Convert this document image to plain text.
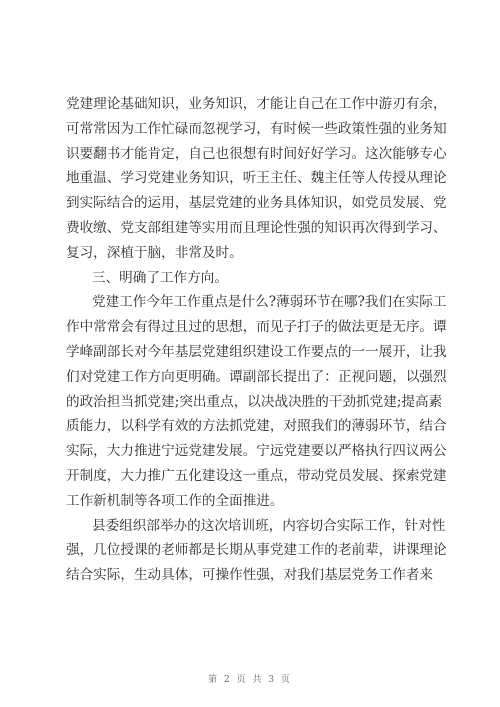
党建理论基础知识，业务知识，才能让自己在工作中游刃有余，
可常常因为工作忙碌而忽视学习，有时候一些政策性强的业务知
识要翻书才能肯定，自己也很想有时间好好学习。这次能够专心
地重温、学习党建业务知识，听王主任、魏主任等人传授从理论
到实际结合的运用，基层党建的业务具体知识，如党员发展、党
费收缴、党支部组建等实用而且理论性强的知识再次得到学习、
复习，深植于脑，非常及时。
三、明确了工作方向。
党建工作今年工作重点是什么?薄弱环节在哪?我们在实际工
作中常常会有得过且过的思想，而见子打子的做法更是无序。谭
学峰副部长对今年基层党建组织建设工作要点的一一展开，让我
们对党建工作方向更明确。谭副部长提出了：正视问题，以强烈
的政治担当抓党建;突出重点，以决战决胜的干劲抓党建;提高素
质能力，以科学有效的方法抓党建，对照我们的薄弱环节，结合
实际，大力推进宁远党建发展。宁远党建要以严格执行四议两公
开制度，大力推广五化建设这一重点，带动党员发展、探索党建
工作新机制等各项工作的全面推进。
县委组织部举办的这次培训班，内容切合实际工作，针对性
强，几位授课的老师都是长期从事党建工作的老前辈，讲课理论
结合实际，生动具体，可操作性强，对我们基层党务工作者来
第 2 页 共 3 页
